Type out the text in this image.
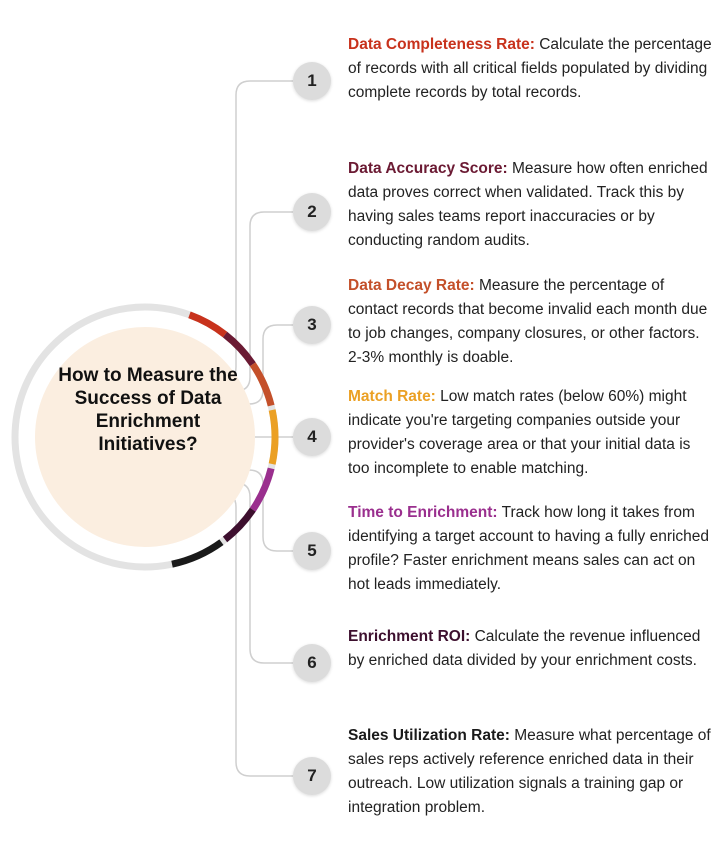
How to Measure the Success of Data Enrichment Initiatives?
1
2
3
4
5
6
7
Data Completeness Rate: Calculate the percentage of records with all critical fields populated by dividing complete records by total records.
Data Accuracy Score: Measure how often enriched data proves correct when validated. Track this by having sales teams report inaccuracies or by conducting random audits.
Data Decay Rate: Measure the percentage of contact records that become invalid each month due to job changes, company closures, or other factors. 2-3% monthly is doable.
Match Rate: Low match rates (below 60%) might indicate you're targeting companies outside your provider's coverage area or that your initial data is too incomplete to enable matching.
Time to Enrichment: Track how long it takes from identifying a target account to having a fully enriched profile? Faster enrichment means sales can act on hot leads immediately.
Enrichment ROI: Calculate the revenue influenced by enriched data divided by your enrichment costs.
Sales Utilization Rate: Measure what percentage of sales reps actively reference enriched data in their outreach. Low utilization signals a training gap or integration problem.
